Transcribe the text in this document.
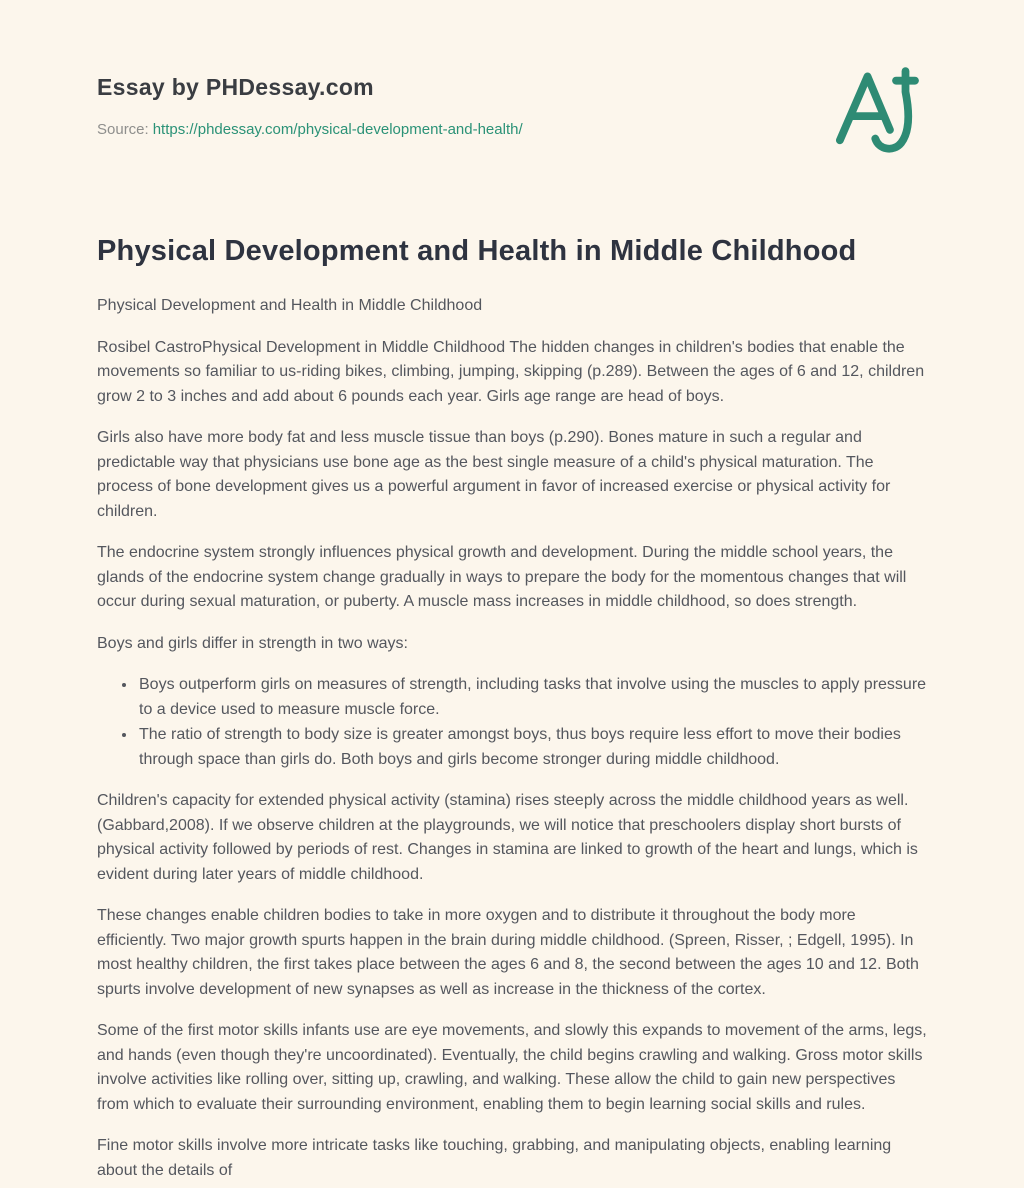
Essay by PHDessay.com

Source: https://phdessay.com/physical-development-and-health/

Physical Development and Health in Middle Childhood

Physical Development and Health in Middle Childhood

Rosibel CastroPhysical Development in Middle Childhood The hidden changes in children's bodies that enable the movements so familiar to us-riding bikes, climbing, jumping, skipping (p.289). Between the ages of 6 and 12, children grow 2 to 3 inches and add about 6 pounds each year. Girls age range are head of boys.

Girls also have more body fat and less muscle tissue than boys (p.290). Bones mature in such a regular and predictable way that physicians use bone age as the best single measure of a child's physical maturation. The process of bone development gives us a powerful argument in favor of increased exercise or physical activity for children.

The endocrine system strongly influences physical growth and development. During the middle school years, the glands of the endocrine system change gradually in ways to prepare the body for the momentous changes that will occur during sexual maturation, or puberty. A muscle mass increases in middle childhood, so does strength.

Boys and girls differ in strength in two ways:

• Boys outperform girls on measures of strength, including tasks that involve using the muscles to apply pressure to a device used to measure muscle force.
• The ratio of strength to body size is greater amongst boys, thus boys require less effort to move their bodies through space than girls do. Both boys and girls become stronger during middle childhood.

Children's capacity for extended physical activity (stamina) rises steeply across the middle childhood years as well. (Gabbard,2008). If we observe children at the playgrounds, we will notice that preschoolers display short bursts of physical activity followed by periods of rest. Changes in stamina are linked to growth of the heart and lungs, which is evident during later years of middle childhood.

These changes enable children bodies to take in more oxygen and to distribute it throughout the body more efficiently. Two major growth spurts happen in the brain during middle childhood. (Spreen, Risser, ; Edgell, 1995). In most healthy children, the first takes place between the ages 6 and 8, the second between the ages 10 and 12. Both spurts involve development of new synapses as well as increase in the thickness of the cortex.

Some of the first motor skills infants use are eye movements, and slowly this expands to movement of the arms, legs, and hands (even though they're uncoordinated). Eventually, the child begins crawling and walking. Gross motor skills involve activities like rolling over, sitting up, crawling, and walking. These allow the child to gain new perspectives from which to evaluate their surrounding environment, enabling them to begin learning social skills and rules.

Fine motor skills involve more intricate tasks like touching, grabbing, and manipulating objects, enabling learning about the details of
